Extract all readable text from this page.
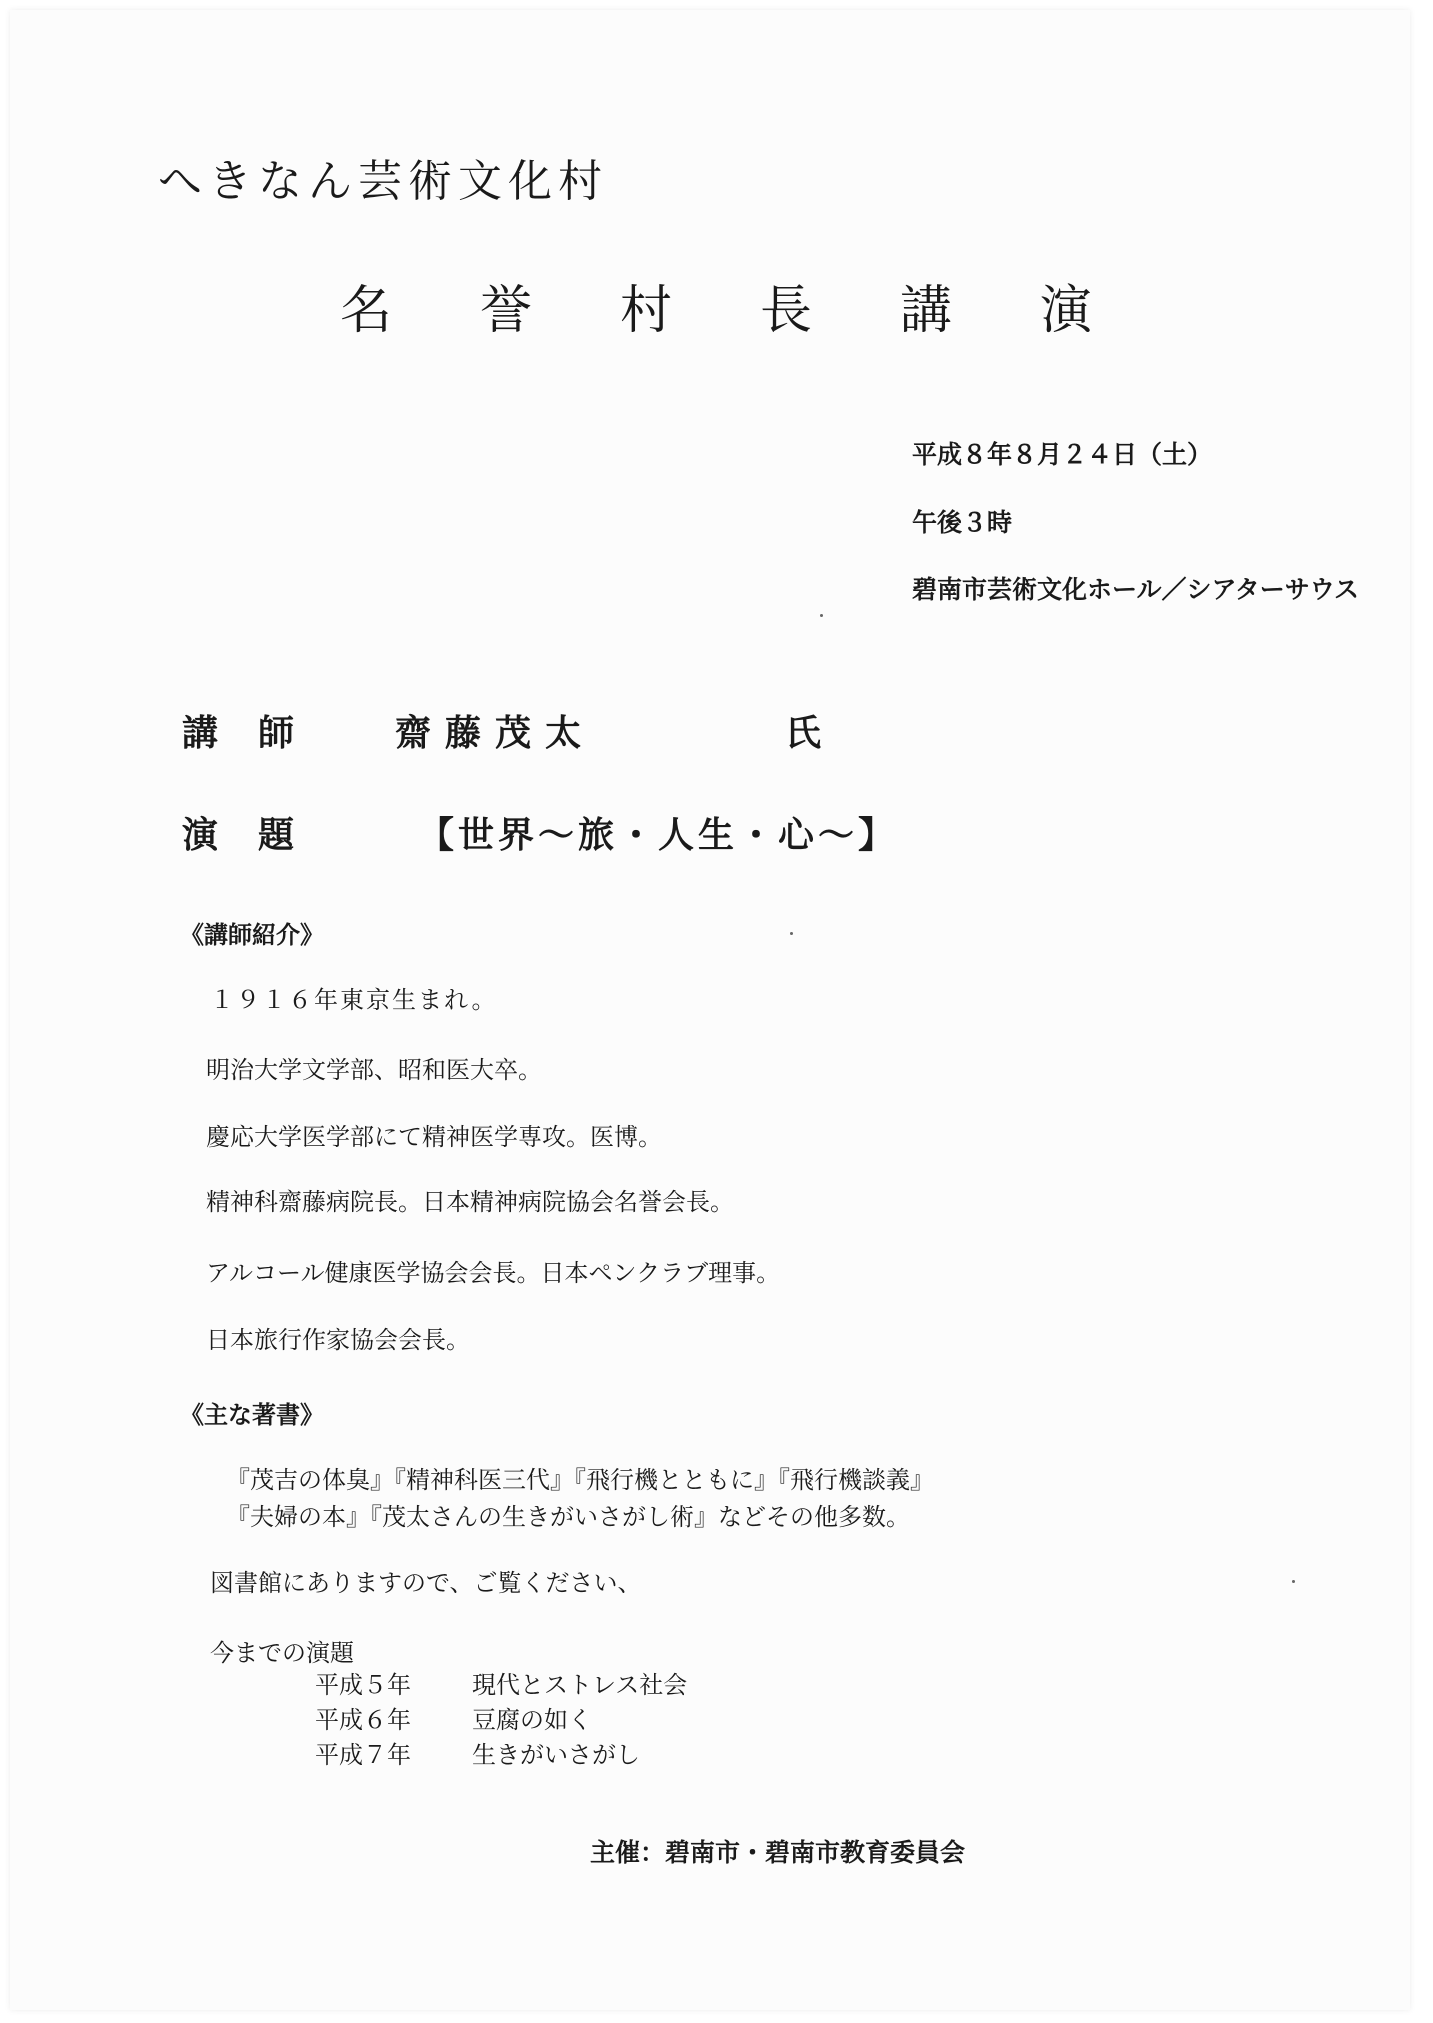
へきなん芸術文化村
名誉村長講演
平成８年８月２４日（土）
午後３時
碧南市芸術文化ホール／シアターサウス
講師 齋藤茂太	氏
演題 【世界～旅・人生・心～】
《講師紹介》
１９１６年東京生まれ。
明治大学文学部、昭和医大卒。
慶応大学医学部にて精神医学専攻。医博。
精神科齋藤病院長。日本精神病院協会名誉会長。
アルコール健康医学協会会長。日本ペンクラブ理事。
日本旅行作家協会会長。
《主な著書》
『茂吉の体臭』『精神科医三代』『飛行機とともに』『飛行機談義』
『夫婦の本』『茂太さんの生きがいさがし術』などその他多数。
図書館にありますので、ご覧ください、
今までの演題
平成５年	現代とストレス社会
平成６年	豆腐の如く
平成７年	生きがいさがし
主催：碧南市・碧南市教育委員会
